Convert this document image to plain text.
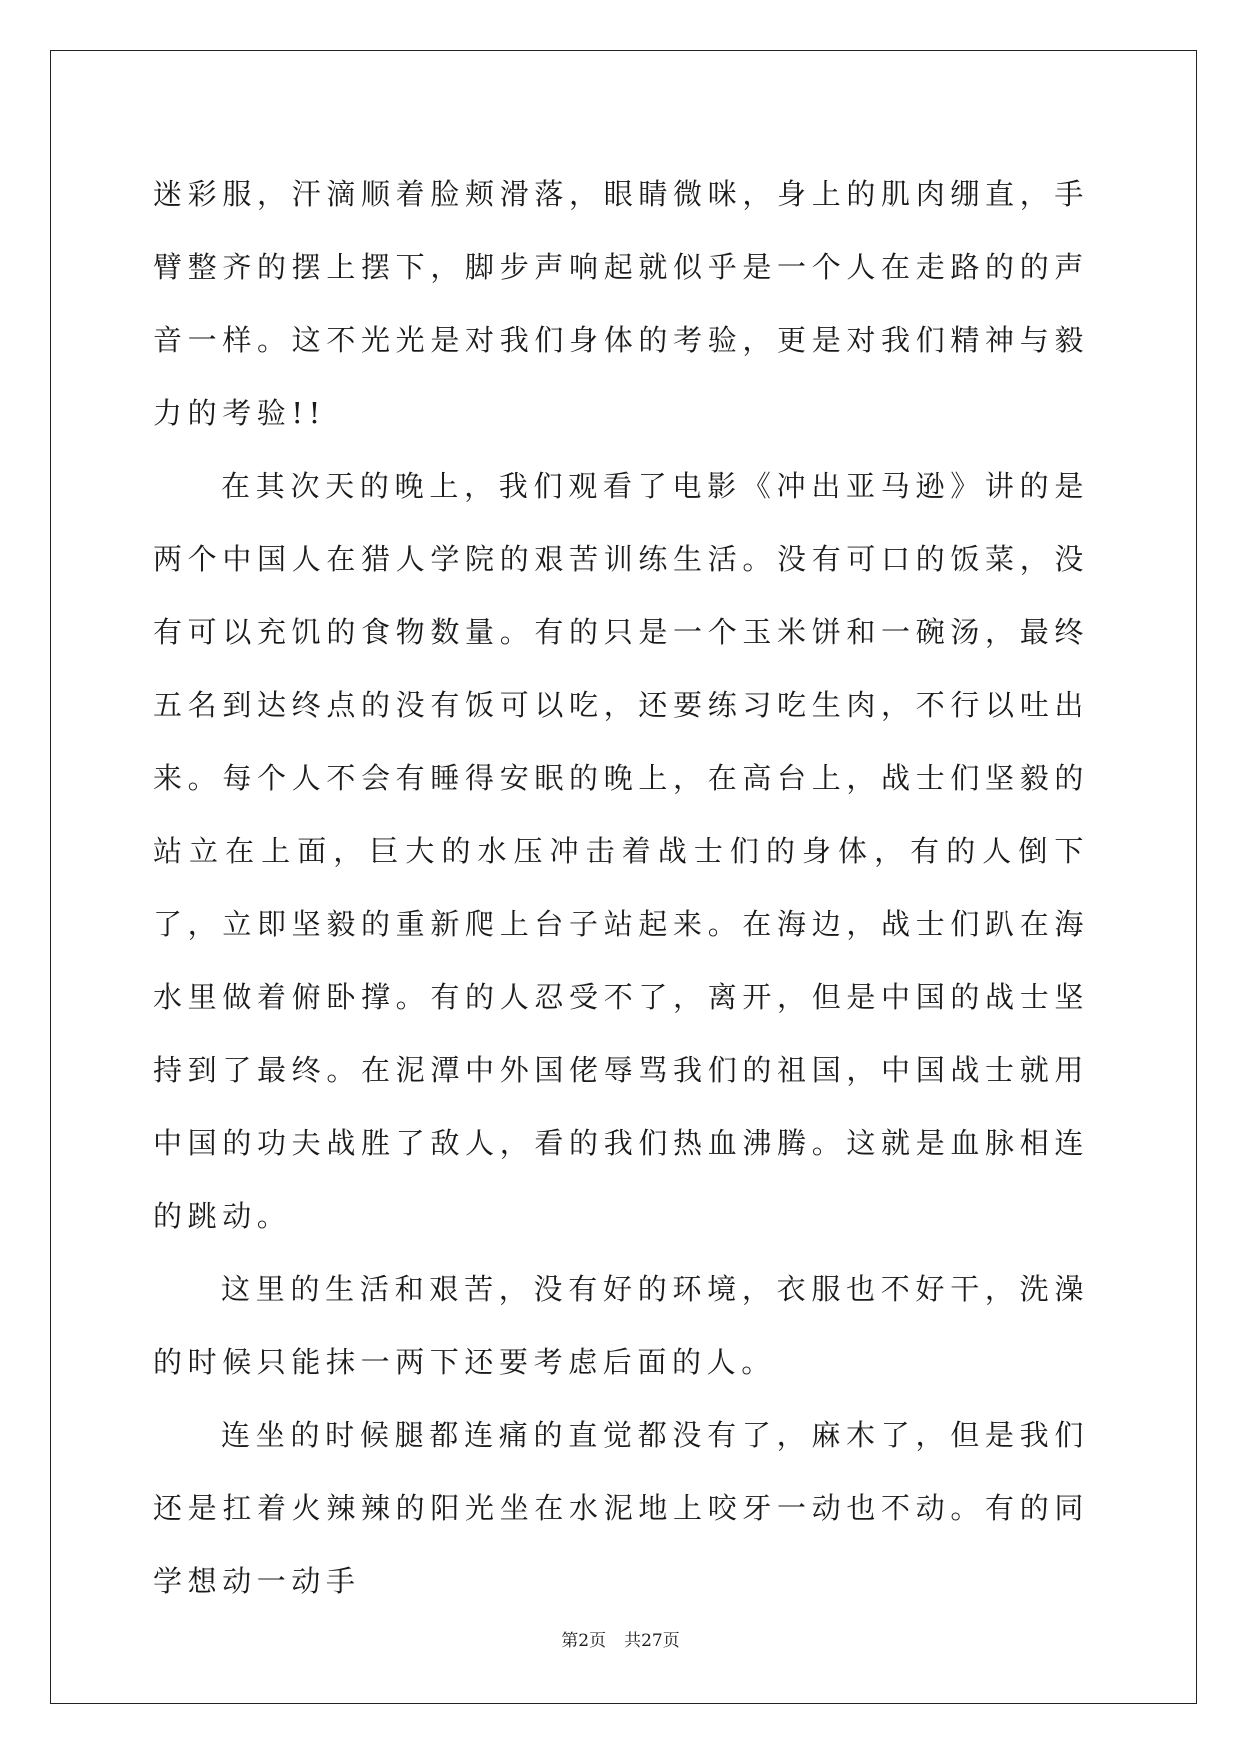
迷彩服，汗滴顺着脸颊滑落，眼睛微咪，身上的肌肉绷直，手臂整齐的摆上摆下，脚步声响起就似乎是一个人在走路的的声音一样。这不光光是对我们身体的考验，更是对我们精神与毅力的考验!!

在其次天的晚上，我们观看了电影《冲出亚马逊》讲的是两个中国人在猎人学院的艰苦训练生活。没有可口的饭菜，没有可以充饥的食物数量。有的只是一个玉米饼和一碗汤，最终五名到达终点的没有饭可以吃，还要练习吃生肉，不行以吐出来。每个人不会有睡得安眠的晚上，在高台上，战士们坚毅的站立在上面，巨大的水压冲击着战士们的身体，有的人倒下了，立即坚毅的重新爬上台子站起来。在海边，战士们趴在海水里做着俯卧撑。有的人忍受不了，离开，但是中国的战士坚持到了最终。在泥潭中外国佬辱骂我们的祖国，中国战士就用中国的功夫战胜了敌人，看的我们热血沸腾。这就是血脉相连的跳动。

这里的生活和艰苦，没有好的环境，衣服也不好干，洗澡的时候只能抹一两下还要考虑后面的人。

连坐的时候腿都连痛的直觉都没有了，麻木了，但是我们还是扛着火辣辣的阳光坐在水泥地上咬牙一动也不动。有的同学想动一动手

第2页 共27页
